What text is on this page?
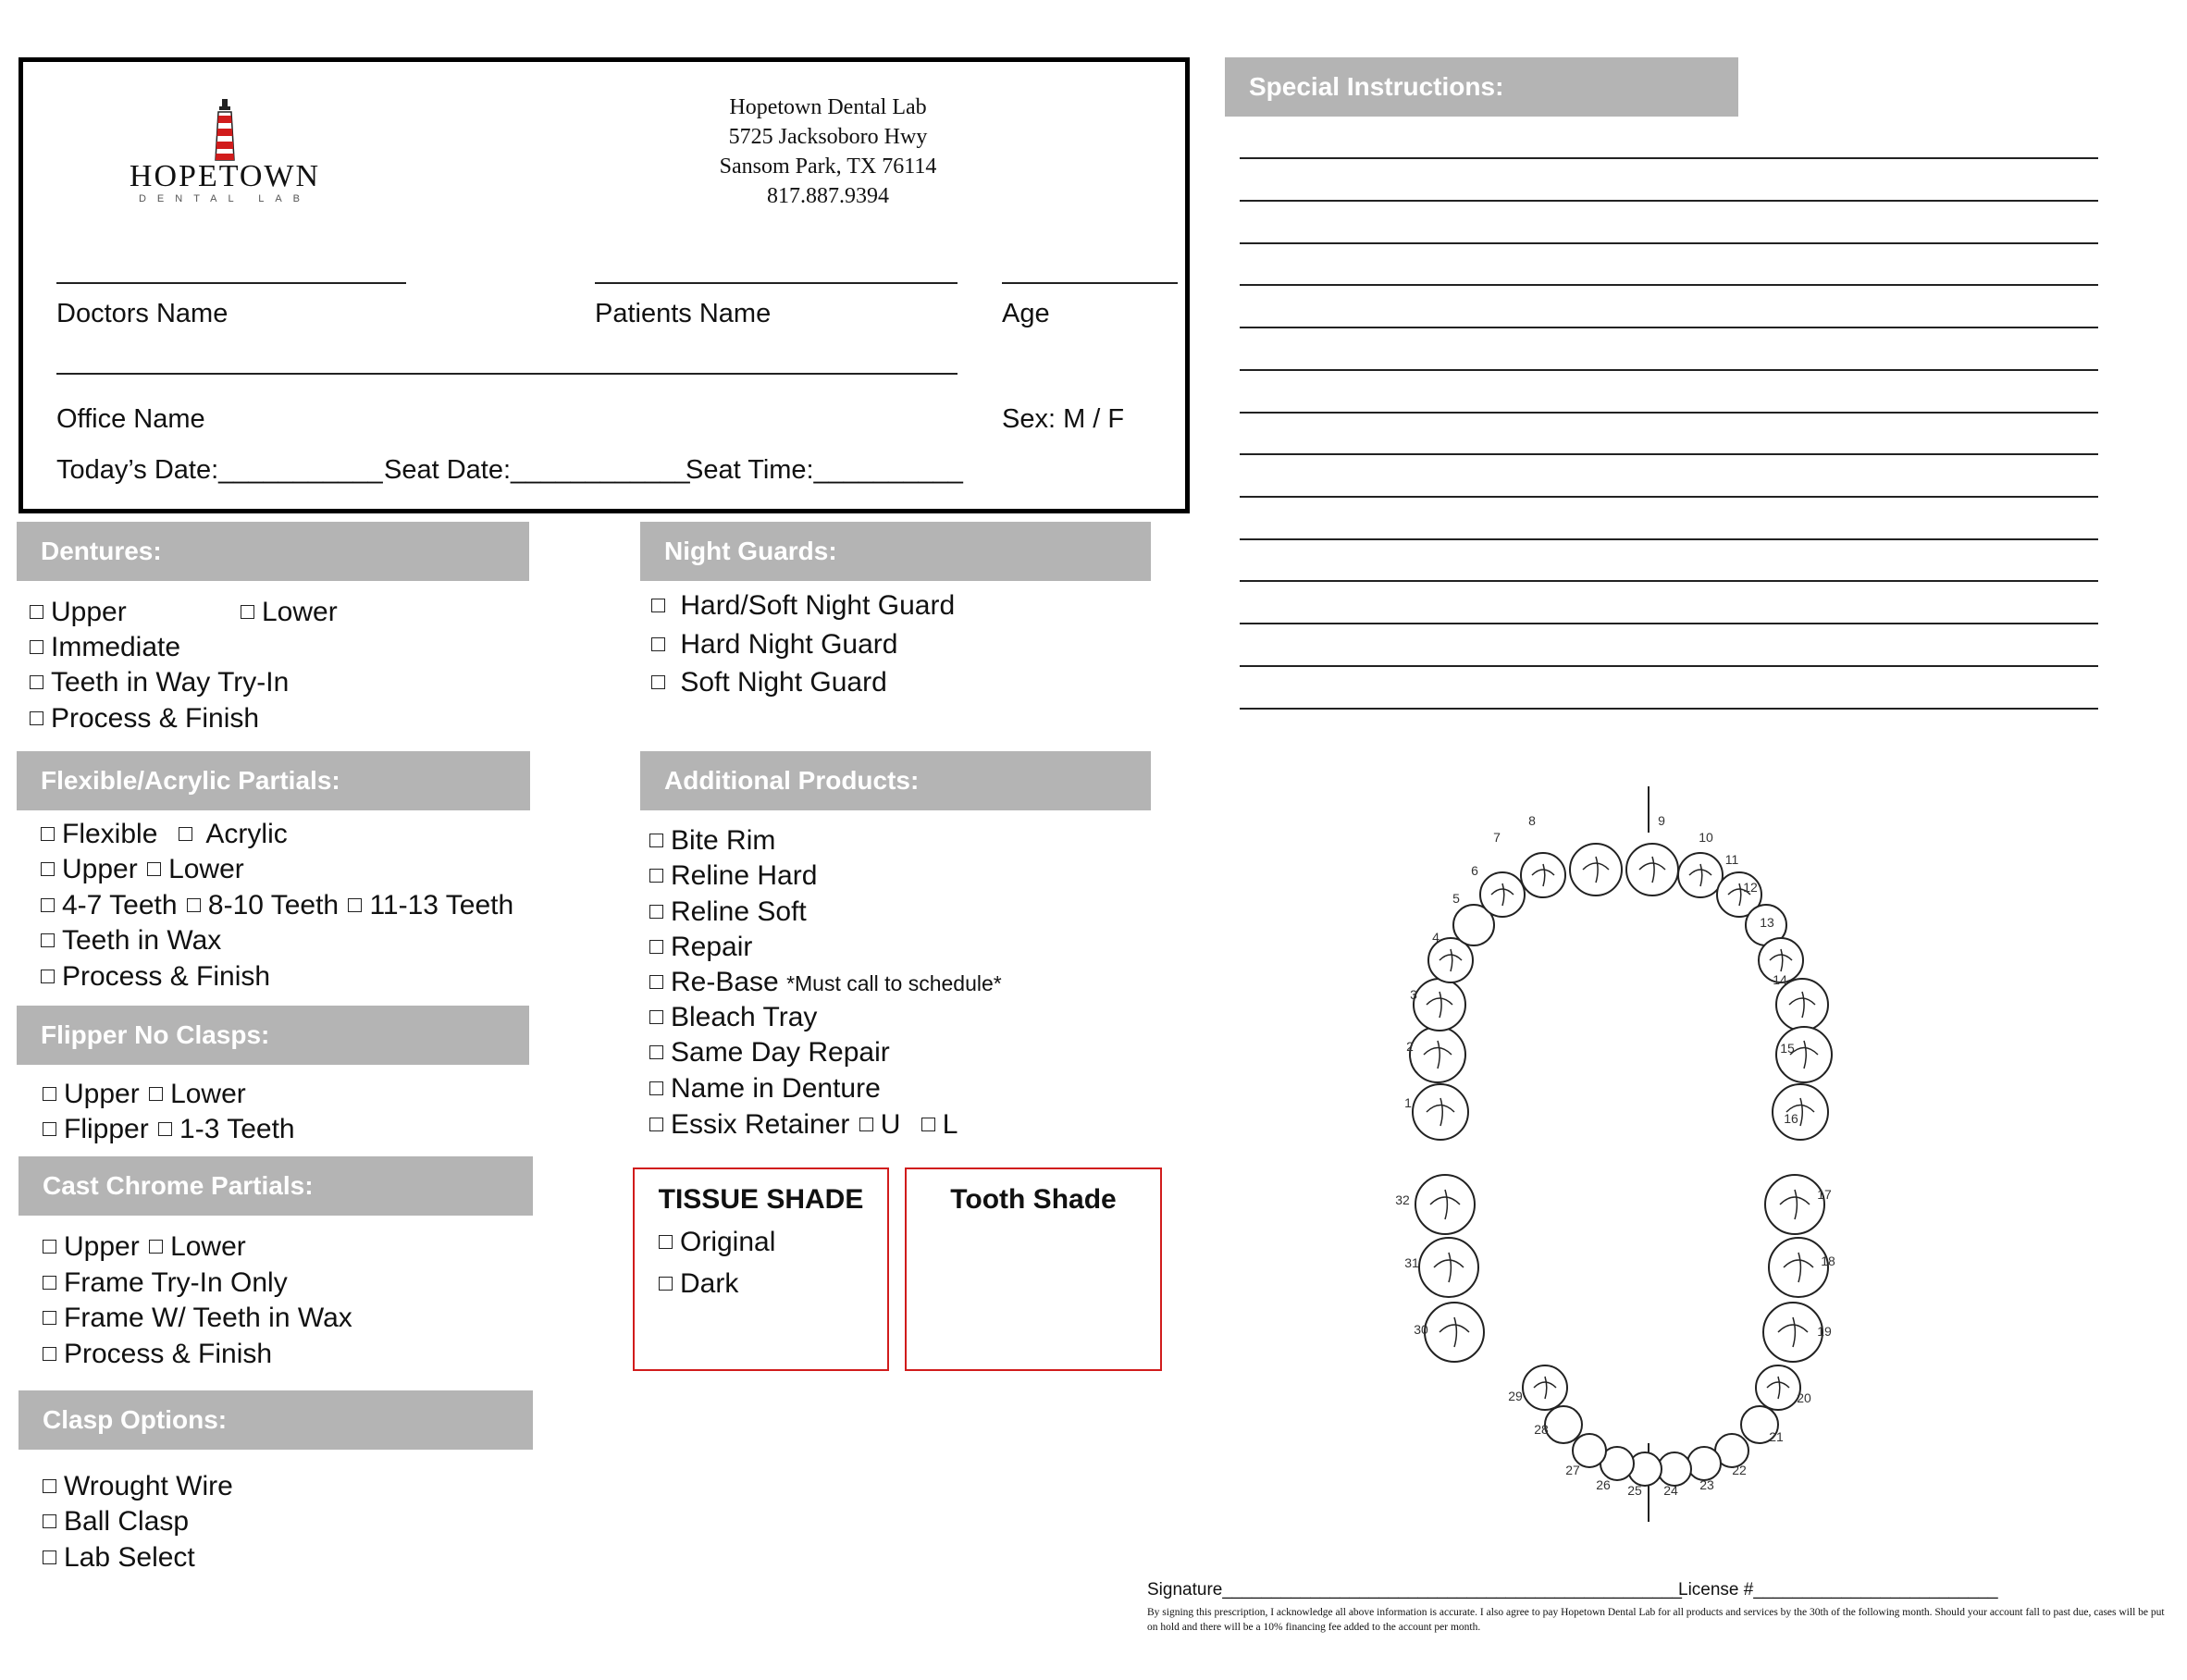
HOPETOWN
DENTAL LAB
Hopetown Dental Lab
5725 Jacksoboro Hwy
Sansom Park, TX 76114
817.887.9394
Doctors Name	Patients Name	Age
Office Name	Sex: M / F
Today’s Date:___________ Seat Date:____________
Seat Time:__________
Special Instructions:
Dentures:
Upper	Lower
Immediate
Teeth in Way Try-In
Process & Finish
Night Guards:
Hard/Soft Night Guard
Hard Night Guard
Soft Night Guard
Flexible/Acrylic Partials:
Flexible Acrylic
Upper Lower
4-7 Teeth 8-10 Teeth 11-13 Teeth
Teeth in Wax
Process & Finish
Additional Products:
Bite Rim
Reline Hard
Reline Soft
Repair
Re-Base *Must call to schedule*
Bleach Tray
Same Day Repair
Name in Denture
Essix Retainer U L
Flipper No Clasps:
Upper Lower
Flipper 1-3 Teeth
TISSUE SHADE
Original
Dark
Tooth Shade
Cast Chrome Partials:
Upper Lower
Frame Try-In Only
Frame W/ Teeth in Wax
Process & Finish
Clasp Options:
Wrought Wire
Ball Clasp
Lab Select
1
2
3
4
5
6
7
8	9
10
11
12
13
14
15
16
17
18
19
20
21
22
23
24
25
26
27
28
29
30
31
32
Signature_______________________________________________
License #_________________________
By signing this prescription, I acknowledge all above information is accurate. I also agree to pay Hopetown Dental Lab for all products and services by the 30th of the following month. Should your account fall to past due, cases will be put on hold and there will be a 10% financing fee added to the account per month.
